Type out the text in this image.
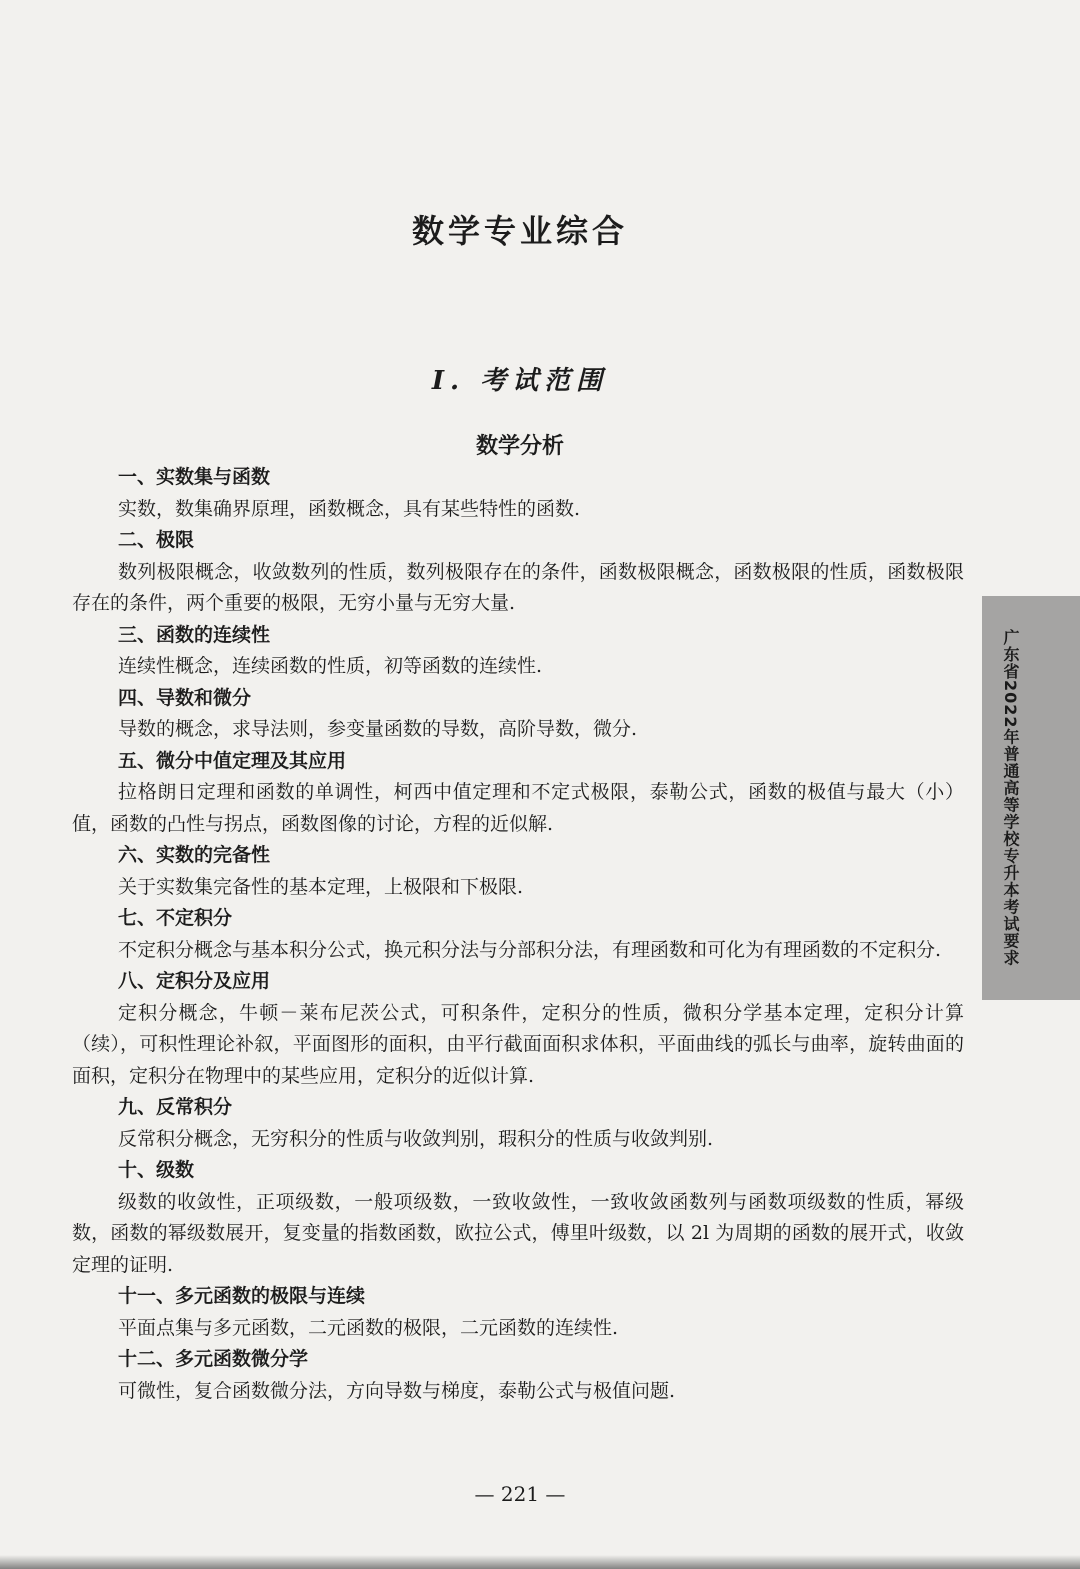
数学专业综合
I. 考试范围
数学分析
一、实数集与函数
实数，数集确界原理，函数概念，具有某些特性的函数.
二、极限
数列极限概念，收敛数列的性质，数列极限存在的条件，函数极限概念，函数极限的性质，函数极限存在的条件，两个重要的极限，无穷小量与无穷大量.
三、函数的连续性
连续性概念，连续函数的性质，初等函数的连续性.
四、导数和微分
导数的概念，求导法则，参变量函数的导数，高阶导数，微分.
五、微分中值定理及其应用
拉格朗日定理和函数的单调性，柯西中值定理和不定式极限，泰勒公式，函数的极值与最大（小）值，函数的凸性与拐点，函数图像的讨论，方程的近似解.
六、实数的完备性
关于实数集完备性的基本定理，上极限和下极限.
七、不定积分
不定积分概念与基本积分公式，换元积分法与分部积分法，有理函数和可化为有理函数的不定积分.
八、定积分及应用
定积分概念，牛顿－莱布尼茨公式，可积条件，定积分的性质，微积分学基本定理，定积分计算（续），可积性理论补叙，平面图形的面积，由平行截面面积求体积，平面曲线的弧长与曲率，旋转曲面的面积，定积分在物理中的某些应用，定积分的近似计算.
九、反常积分
反常积分概念，无穷积分的性质与收敛判别，瑕积分的性质与收敛判别.
十、级数
级数的收敛性，正项级数，一般项级数，一致收敛性，一致收敛函数列与函数项级数的性质，幂级数，函数的幂级数展开，复变量的指数函数，欧拉公式，傅里叶级数，以 2l 为周期的函数的展开式，收敛定理的证明.
十一、多元函数的极限与连续
平面点集与多元函数，二元函数的极限，二元函数的连续性.
十二、多元函数微分学
可微性，复合函数微分法，方向导数与梯度，泰勒公式与极值问题.
— 221 —
广东省2022年普通高等学校专升本考试要求
